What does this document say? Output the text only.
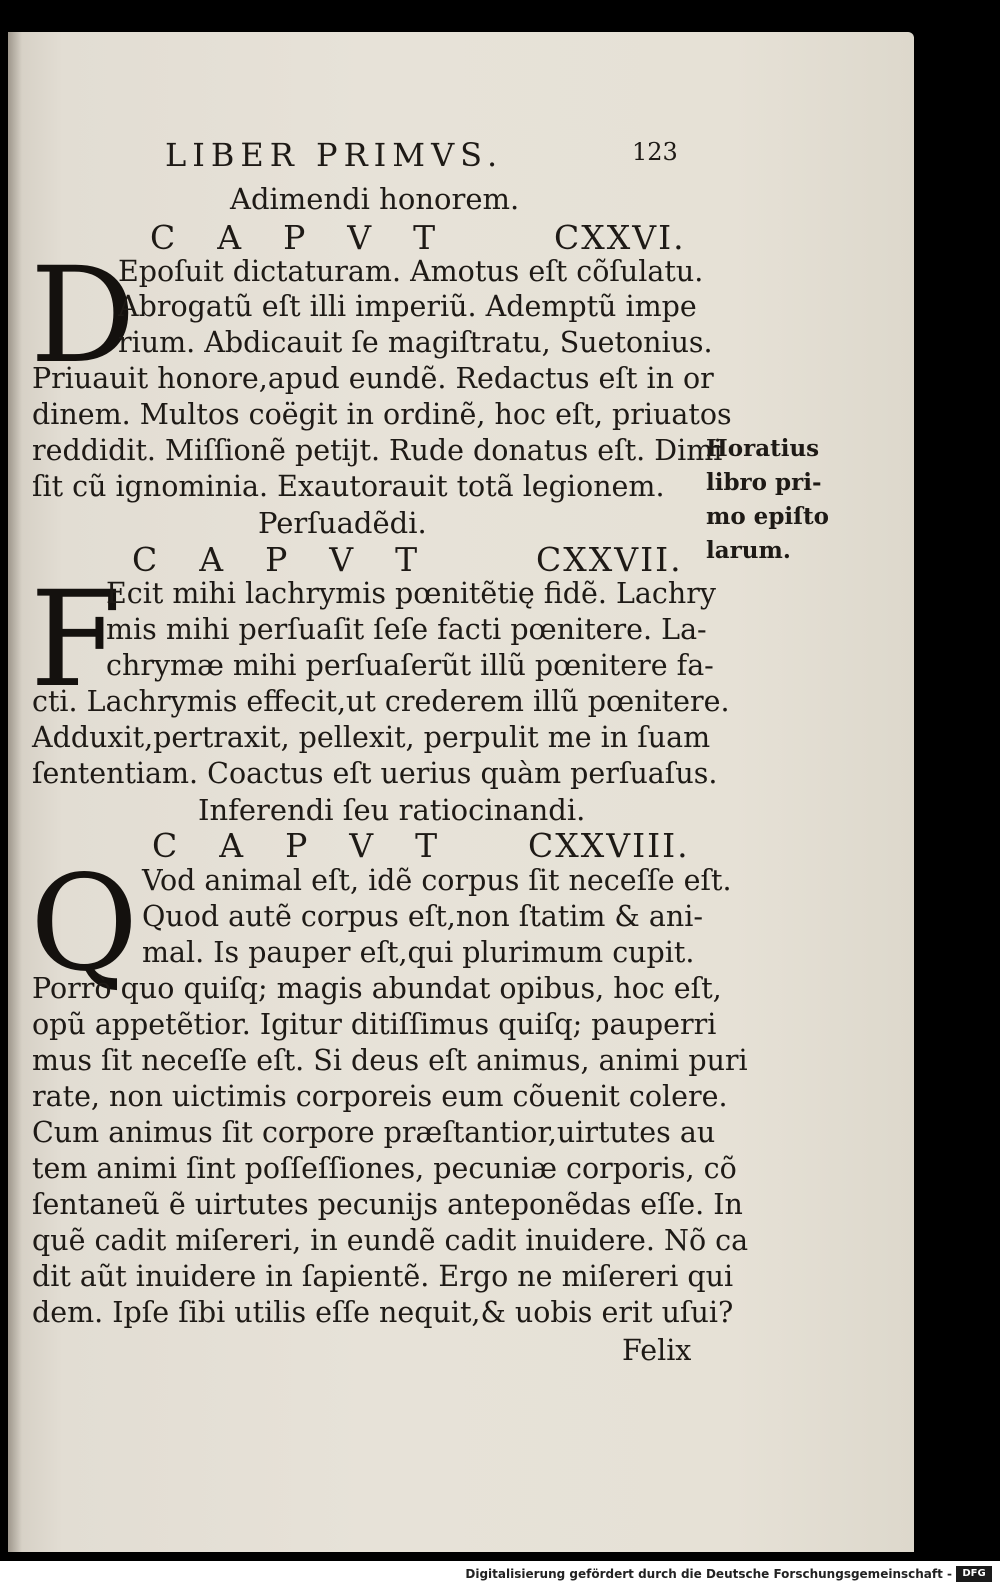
LIBER PRIMVS.	123
Adimendi honorem.
CAPVT CXXVI.
D
Epoſuit dictaturam. Amotus eſt cõſulatu.
Abrogatũ eſt illi imperiũ. Ademptũ impe
rium. Abdicauit ſe magiſtratu, Suetonius.
Priuauit honore,apud eundẽ. Redactus eſt in or
dinem. Multos coëgit in ordinẽ, hoc eſt, priuatos
reddidit. Miſſionẽ petijt. Rude donatus eſt. Dimi
ſit cũ ignominia. Exautorauit totã legionem.
Perſuadẽdi.
CAPVT CXXVII.
F
Ecit mihi lachrymis pœnitẽtię fidẽ. Lachry
mis mihi perſuaſit ſeſe facti pœnitere. La-
chrymæ mihi perſuaſerũt illũ pœnitere fa-
cti. Lachrymis effecit,ut crederem illũ pœnitere.
Adduxit,pertraxit, pellexit, perpulit me in ſuam
ſententiam. Coactus eſt uerius quàm perſuaſus.
Inferendi ſeu ratiocinandi.
CAPVT CXXVIII.
Q Vod animal eſt, idẽ corpus ſit neceſſe eſt.
Quod autẽ corpus eſt,non ſtatim & ani-
mal. Is pauper eſt,qui plurimum cupit.
Porrò quo quiſq; magis abundat opibus, hoc eſt,
opũ appetẽtior. Igitur ditiſſimus quiſq; pauperri
mus ſit neceſſe eſt. Si deus eſt animus, animi puri
rate, non uictimis corporeis eum cõuenit colere.
Cum animus ſit corpore præſtantior,uirtutes au
tem animi ſint poſſeſſiones, pecuniæ corporis, cõ
ſentaneũ ẽ uirtutes pecunijs anteponẽdas eſſe. In
quẽ cadit miſereri, in eundẽ cadit inuidere. Nõ ca
dit aũt inuidere in ſapientẽ. Ergo ne miſereri qui
dem. Ipſe ſibi utilis eſſe nequit,& uobis erit uſui?
Felix
Horatius
libro pri-
mo epiſto
larum.
Digitalisierung gefördert durch die Deutsche Forschungsgemeinschaft -	DFG
